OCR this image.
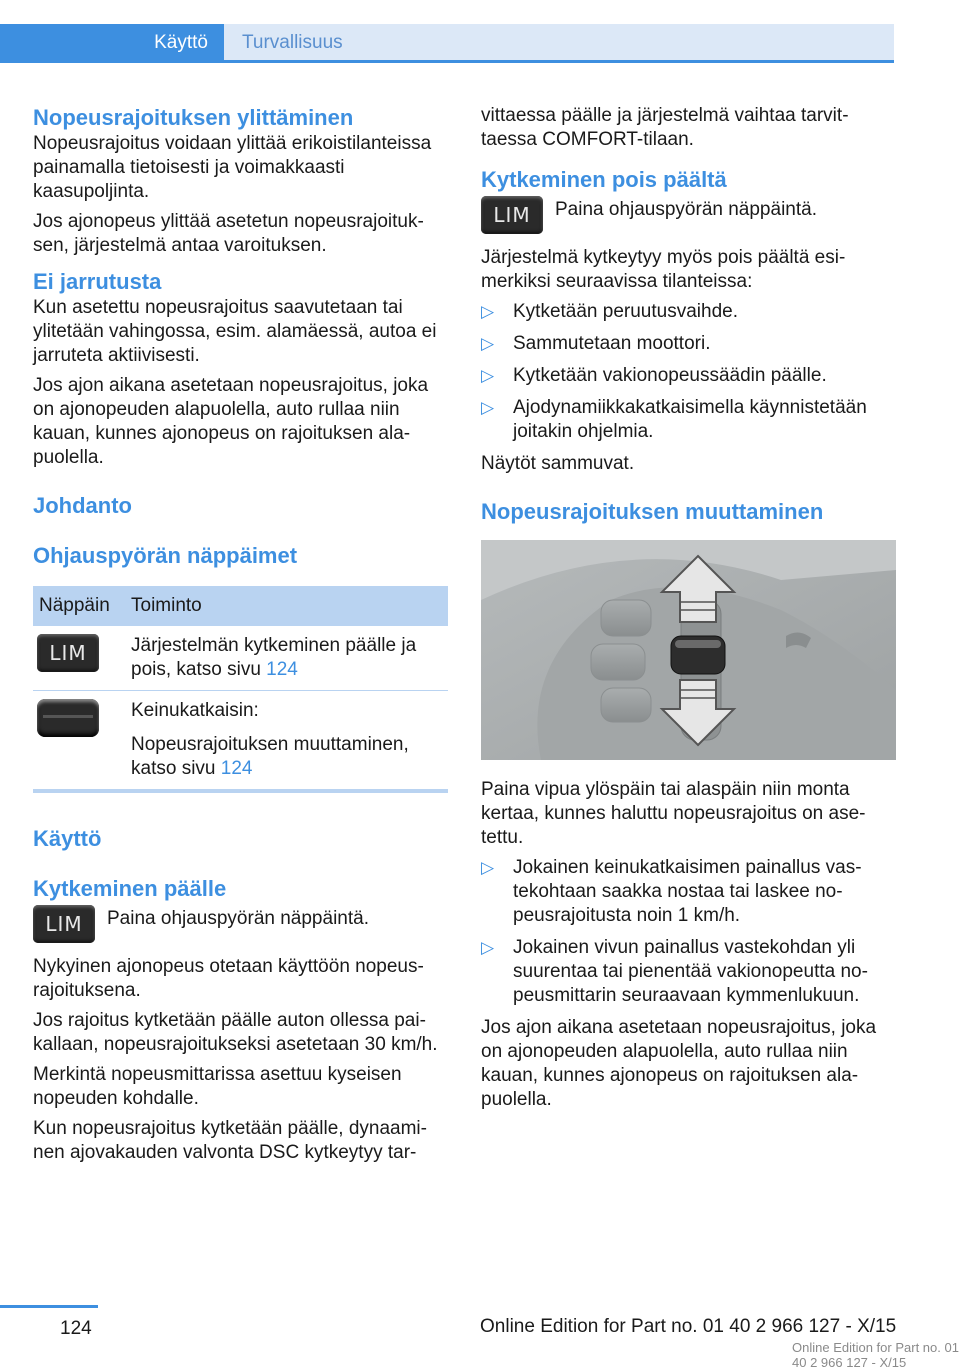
Käyttö	Turvallisuus
Nopeusrajoituksen ylittäminen

Nopeusrajoitus voidaan ylittää erikoistilanteissa painamalla tietoisesti ja voimakkaasti kaasupoljinta.

Jos ajonopeus ylittää asetetun nopeusrajoituksen, järjestelmä antaa varoituksen.

Ei jarrutusta

Kun asetettu nopeusrajoitus saavutetaan tai ylitetään vahingossa, esim. alamäessä, autoa ei jarruteta aktiivisesti.

Jos ajon aikana asetetaan nopeusrajoitus, joka on ajonopeuden alapuolella, auto rullaa niin kauan, kunnes ajonopeus on rajoituksen alapuolella.

Johdanto
Ohjauspyörän näppäimet
Näppäin	Toiminto
LIM	Järjestelmän kytkeminen päälle ja pois, katso sivu 124

	Keinukatkaisin:
Nopeusrajoituksen muuttaminen, katso sivu 124
Käyttö
Kytkeminen päälle
LIM	Paina ohjauspyörän näppäintä.

Nykyinen ajonopeus otetaan käyttöön nopeusrajoituksena.

Jos rajoitus kytketään päälle auton ollessa paikallaan, nopeusrajoitukseksi asetetaan 30 km/h.

Merkintä nopeusmittarissa asettuu kyseisen nopeuden kohdalle.

Kun nopeusrajoitus kytketään päälle, dynaaminen ajovakauden valvonta DSC kytkeytyy tar-

vittaessa päälle ja järjestelmä vaihtaa tarvittaessa COMFORT-tilaan.

Kytkeminen pois päältä
LIM	Paina ohjauspyörän näppäintä.

Järjestelmä kytkeytyy myös pois päältä esimerkiksi seuraavissa tilanteissa:

▷ Kytketään peruutusvaihde.
▷ Sammutetaan moottori.
▷ Kytketään vakionopeussäädin päälle.
▷ Ajodynamiikkakatkaisimella käynnistetään joitakin ohjelmia.

Näytöt sammuvat.

Nopeusrajoituksen muuttaminen

Paina vipua ylöspäin tai alaspäin niin monta kertaa, kunnes haluttu nopeusrajoitus on asetettu.

▷ Jokainen keinukatkaisimen painallus vastekohtaan saakka nostaa tai laskee nopeusrajoitusta noin 1 km/h.
▷ Jokainen vivun painallus vastekohdan yli suurentaa tai pienentää vakionopeutta nopeusmittarin seuraavaan kymmenlukuun.

Jos ajon aikana asetetaan nopeusrajoitus, joka on ajonopeuden alapuolella, auto rullaa niin kauan, kunnes ajonopeus on rajoituksen alapuolella.

124	Online Edition for Part no. 01 40 2 966 127 - X/15
Online Edition for Part no. 01 40 2 966 127 - X/15
